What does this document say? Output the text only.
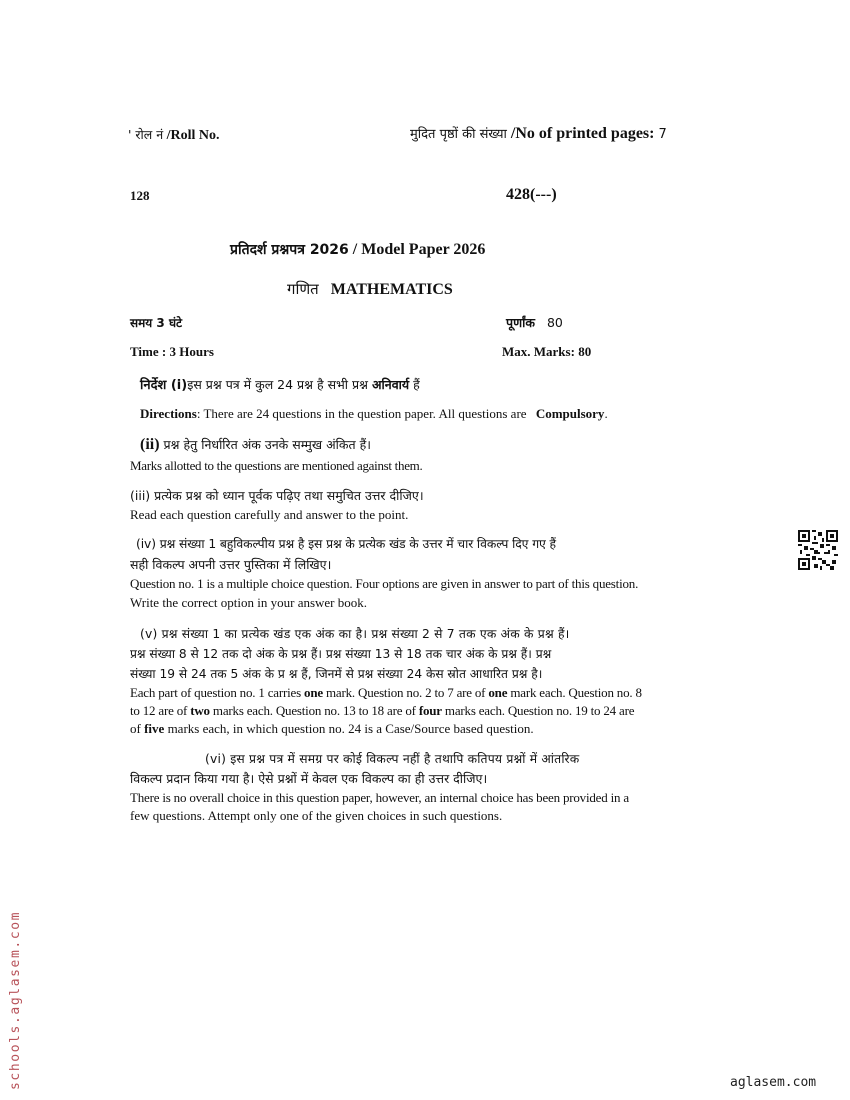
' रोल नं /Roll No.	मुदित पृष्ठों की संख्या /No of printed pages: 7
128	428(---)
प्रतिदर्श प्रश्नपत्र 2026 / Model Paper 2026
गणित MATHEMATICS
समय 3 घंटे	पूर्णांक 80
Time : 3 Hours	Max. Marks: 80
निर्देश (i)इस प्रश्न पत्र में कुल 24 प्रश्न है सभी प्रश्न अनिवार्य हैं
Directions: There are 24 questions in the question paper. All questions are Compulsory.
(ii) प्रश्न हेतु निर्धारित अंक उनके सम्मुख अंकित हैं।
Marks allotted to the questions are mentioned against them.
(iii) प्रत्येक प्रश्न को ध्यान पूर्वक पढ़िए तथा समुचित उत्तर दीजिए।
Read each question carefully and answer to the point.
(iv) प्रश्न संख्या 1 बहुविकल्पीय प्रश्न है इस प्रश्न के प्रत्येक खंड के उत्तर में चार विकल्प दिए गए हैं
सही विकल्प अपनी उत्तर पुस्तिका में लिखिए।
Question no. 1 is a multiple choice question. Four options are given in answer to part of this question.
Write the correct option in your answer book.
(v) प्रश्न संख्या 1 का प्रत्येक खंड एक अंक का है। प्रश्न संख्या 2 से 7 तक एक अंक के प्रश्न हैं।
प्रश्न संख्या 8 से 12 तक दो अंक के प्रश्न हैं। प्रश्न संख्या 13 से 18 तक चार अंक के प्रश्न हैं। प्रश्न
संख्या 19 से 24 तक 5 अंक के प्र श्न हैं, जिनमें से प्रश्न संख्या 24 केस स्रोत आधारित प्रश्न है।
Each part of question no. 1 carries one mark. Question no. 2 to 7 are of one mark each. Question no. 8
to 12 are of two marks each. Question no. 13 to 18 are of four marks each. Question no. 19 to 24 are
of five marks each, in which question no. 24 is a Case/Source based question.
(vi) इस प्रश्न पत्र में समग्र पर कोई विकल्प नहीं है तथापि कतिपय प्रश्नों में आंतरिक
विकल्प प्रदान किया गया है। ऐसे प्रश्नों में केवल एक विकल्प का ही उत्तर दीजिए।
There is no overall choice in this question paper, however, an internal choice has been provided in a
few questions. Attempt only one of the given choices in such questions.
schools.aglasem.com	aglasem.com
